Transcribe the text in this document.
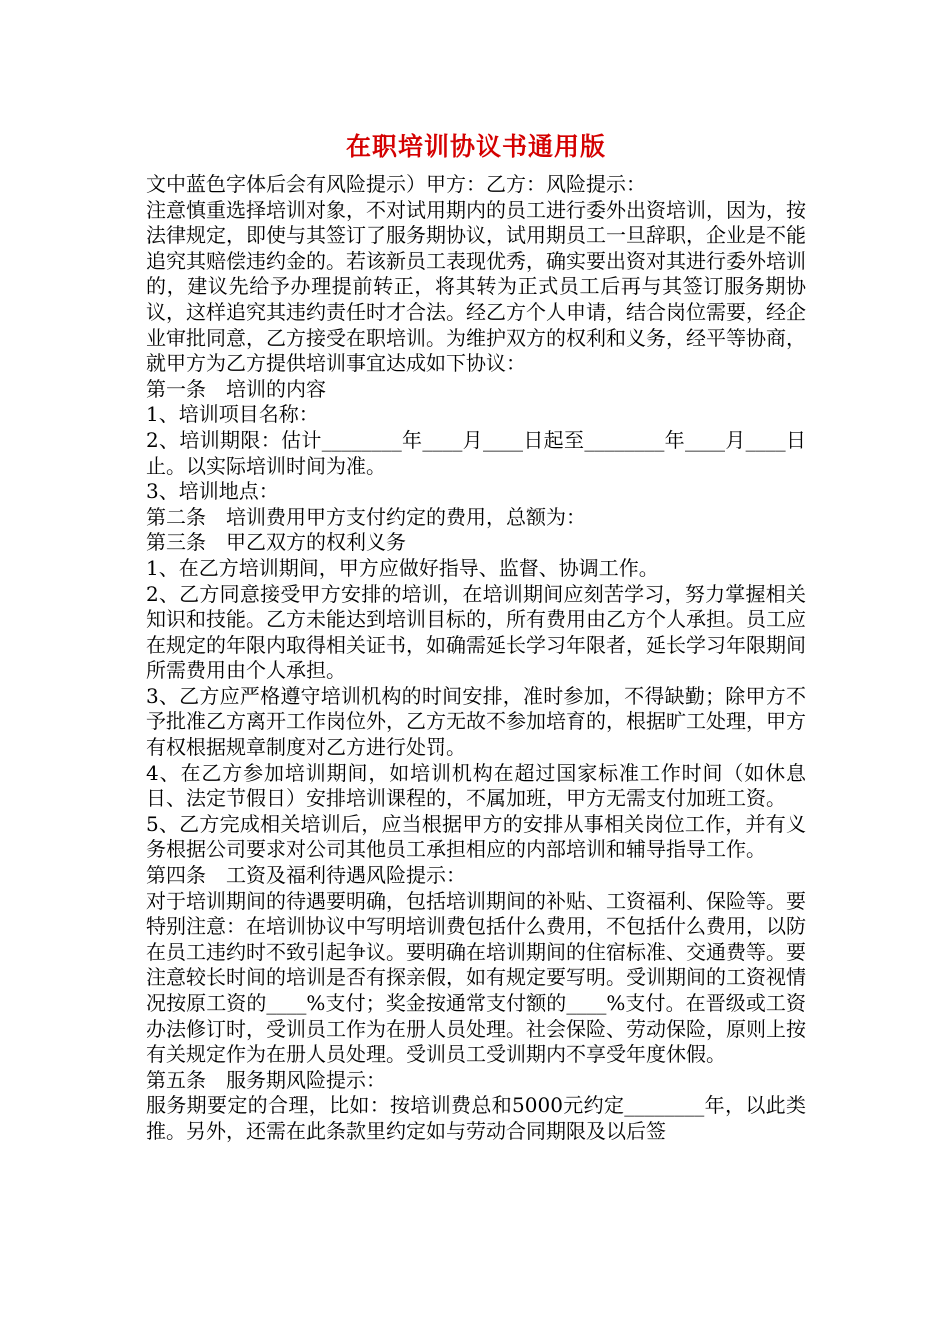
在职培训协议书通用版

文中蓝色字体后会有风险提示）甲方：乙方：风险提示：

注意慎重选择培训对象，不对试用期内的员工进行委外出资培训，因为，按法律规定，即使与其签订了服务期协议，试用期员工一旦辞职，企业是不能追究其赔偿违约金的。若该新员工表现优秀，确实要出资对其进行委外培训的，建议先给予办理提前转正，将其转为正式员工后再与其签订服务期协议，这样追究其违约责任时才合法。经乙方个人申请，结合岗位需要，经企业审批同意，乙方接受在职培训。为维护双方的权利和义务，经平等协商，就甲方为乙方提供培训事宜达成如下协议：

第一条　培训的内容

1、培训项目名称：

2、培训期限：估计________年____月____日起至________年____月____日止。以实际培训时间为准。

3、培训地点：

第二条　培训费用甲方支付约定的费用，总额为：

第三条　甲乙双方的权利义务

1、在乙方培训期间，甲方应做好指导、监督、协调工作。

2、乙方同意接受甲方安排的培训，在培训期间应刻苦学习，努力掌握相关知识和技能。乙方未能达到培训目标的，所有费用由乙方个人承担。员工应在规定的年限内取得相关证书，如确需延长学习年限者，延长学习年限期间所需费用由个人承担。

3、乙方应严格遵守培训机构的时间安排，准时参加，不得缺勤；除甲方不予批准乙方离开工作岗位外，乙方无故不参加培育的，根据旷工处理，甲方有权根据规章制度对乙方进行处罚。

4、在乙方参加培训期间，如培训机构在超过国家标准工作时间（如休息日、法定节假日）安排培训课程的，不属加班，甲方无需支付加班工资。

5、乙方完成相关培训后，应当根据甲方的安排从事相关岗位工作，并有义务根据公司要求对公司其他员工承担相应的内部培训和辅导指导工作。

第四条　工资及福利待遇风险提示：

对于培训期间的待遇要明确，包括培训期间的补贴、工资福利、保险等。要特别注意：在培训协议中写明培训费包括什么费用，不包括什么费用，以防在员工违约时不致引起争议。要明确在培训期间的住宿标准、交通费等。要注意较长时间的培训是否有探亲假，如有规定要写明。受训期间的工资视情况按原工资的____%支付；奖金按通常支付额的____%支付。在晋级或工资办法修订时，受训员工作为在册人员处理。社会保险、劳动保险，原则上按有关规定作为在册人员处理。受训员工受训期内不享受年度休假。

第五条　服务期风险提示：

服务期要定的合理，比如：按培训费总和5000元约定________年，以此类推。另外，还需在此条款里约定如与劳动合同期限及以后签
